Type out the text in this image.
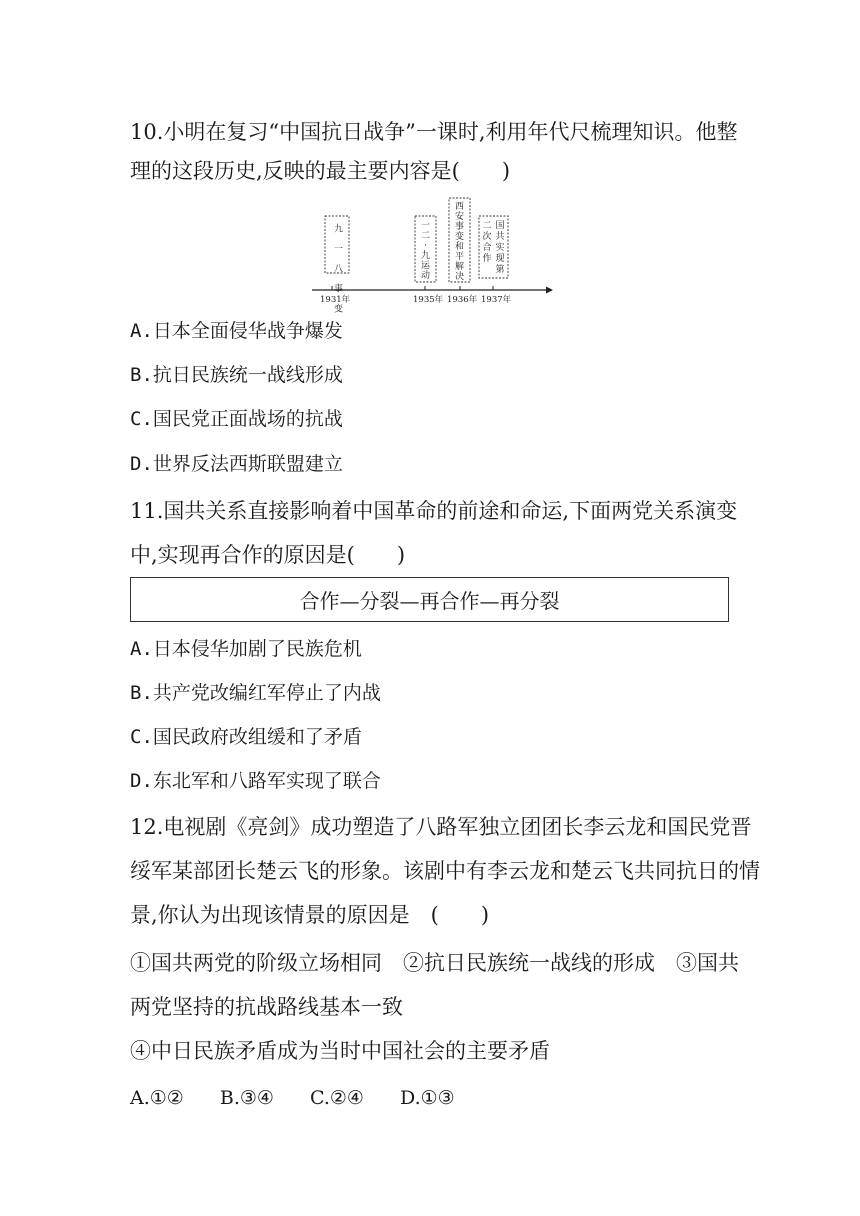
10.小明在复习“中国抗日战争”一课时,利用年代尺梳理知识。他整
理的这段历史,反映的最主要内容是(　　)
1931年	1935年 1936年 1937年
九一八事变
一二·九运动
西安事变和平解决
国共实现第
二次合作
A.日本全面侵华战争爆发
B.抗日民族统一战线形成
C.国民党正面战场的抗战
D.世界反法西斯联盟建立
11.国共关系直接影响着中国革命的前途和命运,下面两党关系演变
中,实现再合作的原因是(　　)
合作—分裂—再合作—再分裂
A.日本侵华加剧了民族危机
B.共产党改编红军停止了内战
C.国民政府改组缓和了矛盾
D.东北军和八路军实现了联合
12.电视剧《亮剑》成功塑造了八路军独立团团长李云龙和国民党晋
绥军某部团长楚云飞的形象。该剧中有李云龙和楚云飞共同抗日的情
景,你认为出现该情景的原因是　(　　)
①国共两党的阶级立场相同　②抗日民族统一战线的形成　③国共
两党坚持的抗战路线基本一致
④中日民族矛盾成为当时中国社会的主要矛盾
A.①② B.③④ C.②④ D.①③
